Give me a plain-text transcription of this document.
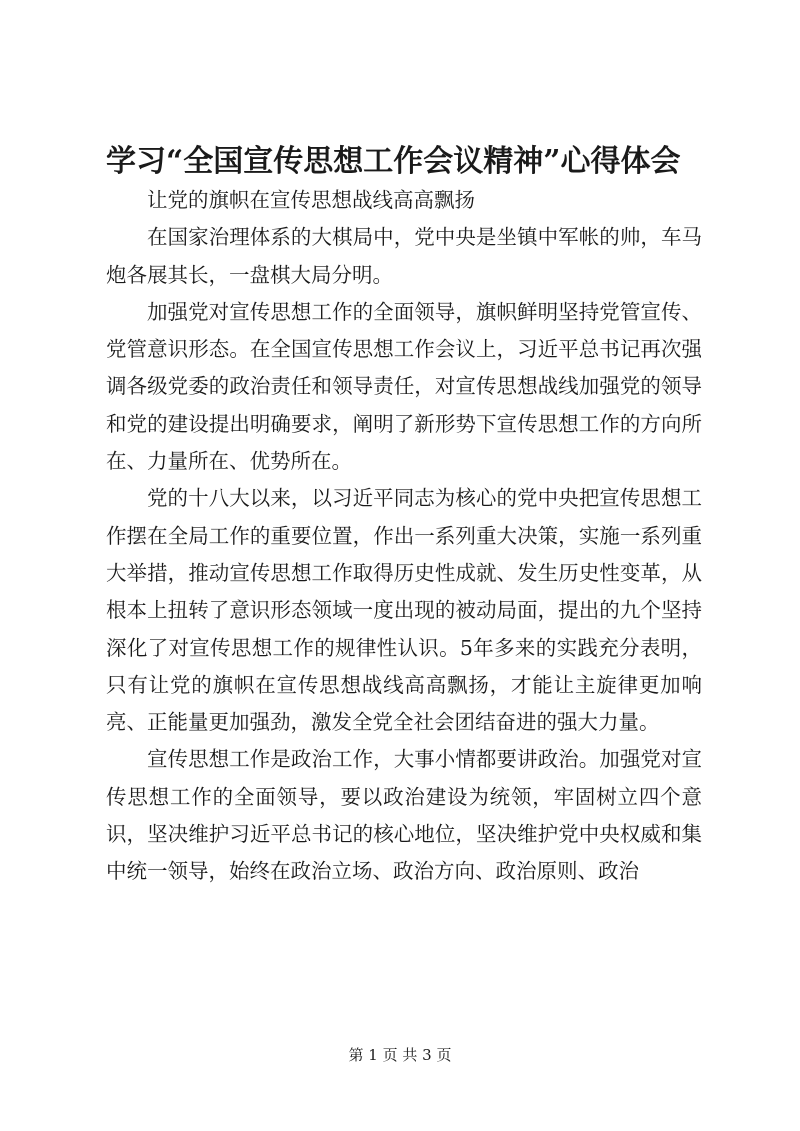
学习“全国宣传思想工作会议精神”心得体会

让党的旗帜在宣传思想战线高高飘扬

在国家治理体系的大棋局中，党中央是坐镇中军帐的帅，车马炮各展其长，一盘棋大局分明。

加强党对宣传思想工作的全面领导，旗帜鲜明坚持党管宣传、党管意识形态。在全国宣传思想工作会议上，习近平总书记再次强调各级党委的政治责任和领导责任，对宣传思想战线加强党的领导和党的建设提出明确要求，阐明了新形势下宣传思想工作的方向所在、力量所在、优势所在。

党的十八大以来，以习近平同志为核心的党中央把宣传思想工作摆在全局工作的重要位置，作出一系列重大决策，实施一系列重大举措，推动宣传思想工作取得历史性成就、发生历史性变革，从根本上扭转了意识形态领域一度出现的被动局面，提出的九个坚持深化了对宣传思想工作的规律性认识。5年多来的实践充分表明，只有让党的旗帜在宣传思想战线高高飘扬，才能让主旋律更加响亮、正能量更加强劲，激发全党全社会团结奋进的强大力量。

宣传思想工作是政治工作，大事小情都要讲政治。加强党对宣传思想工作的全面领导，要以政治建设为统领，牢固树立四个意识，坚决维护习近平总书记的核心地位，坚决维护党中央权威和集中统一领导，始终在政治立场、政治方向、政治原则、政治

第 1 页 共 3 页
